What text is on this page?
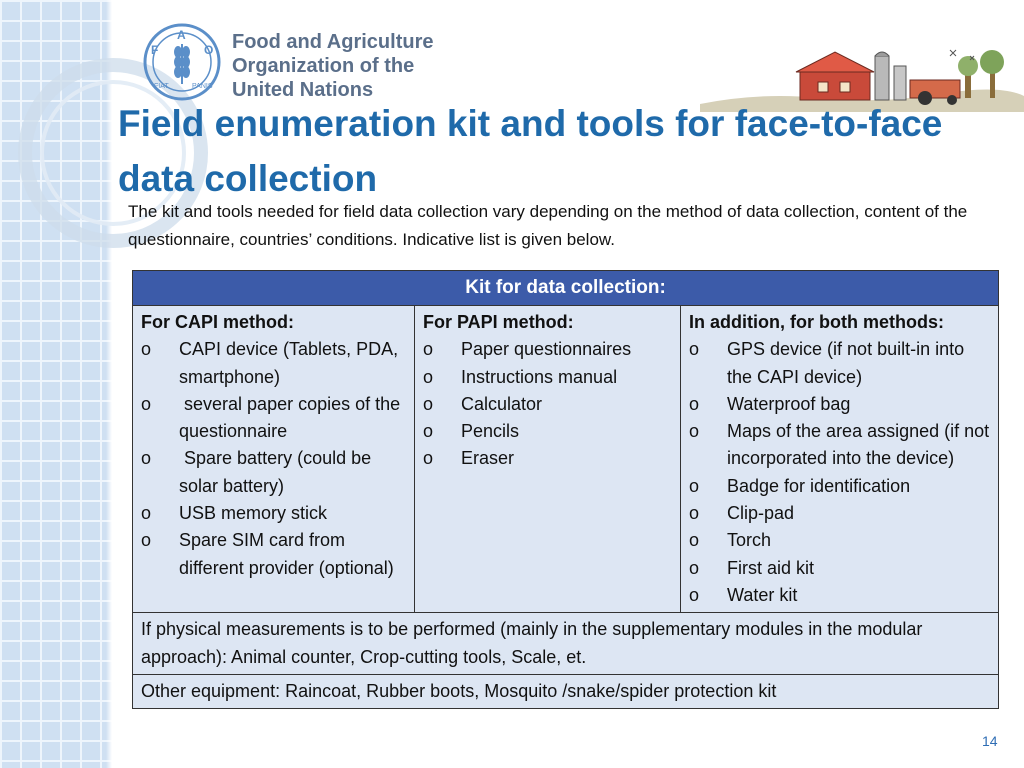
F
A
O
FIAT	PANIS
Food and Agriculture
Organization of the
United Nations
Field enumeration kit and tools for face-to-face data collection

The kit and tools needed for field data collection vary depending on the method of data collection, content of the questionnaire, countries’ conditions. Indicative list is given below.

Kit for data collection:

For CAPI method:
o CAPI device (Tablets, PDA, smartphone)
o several paper copies of the questionnaire
o Spare battery (could be solar battery)
o USB memory stick
o Spare SIM card from different provider (optional)

For PAPI method:
o Paper questionnaires
o Instructions manual
o Calculator
o Pencils
o Eraser

In addition, for both methods:
o GPS device (if not built-in into the CAPI device)
o Waterproof bag
o Maps of the area assigned (if not incorporated into the device)
o Badge for identification
o Clip-pad
o Torch
o First aid kit
o Water kit

If physical measurements is to be performed (mainly in the supplementary modules in the modular approach): Animal counter, Crop-cutting tools, Scale, et.
Other equipment: Raincoat, Rubber boots, Mosquito /snake/spider protection kit
14
